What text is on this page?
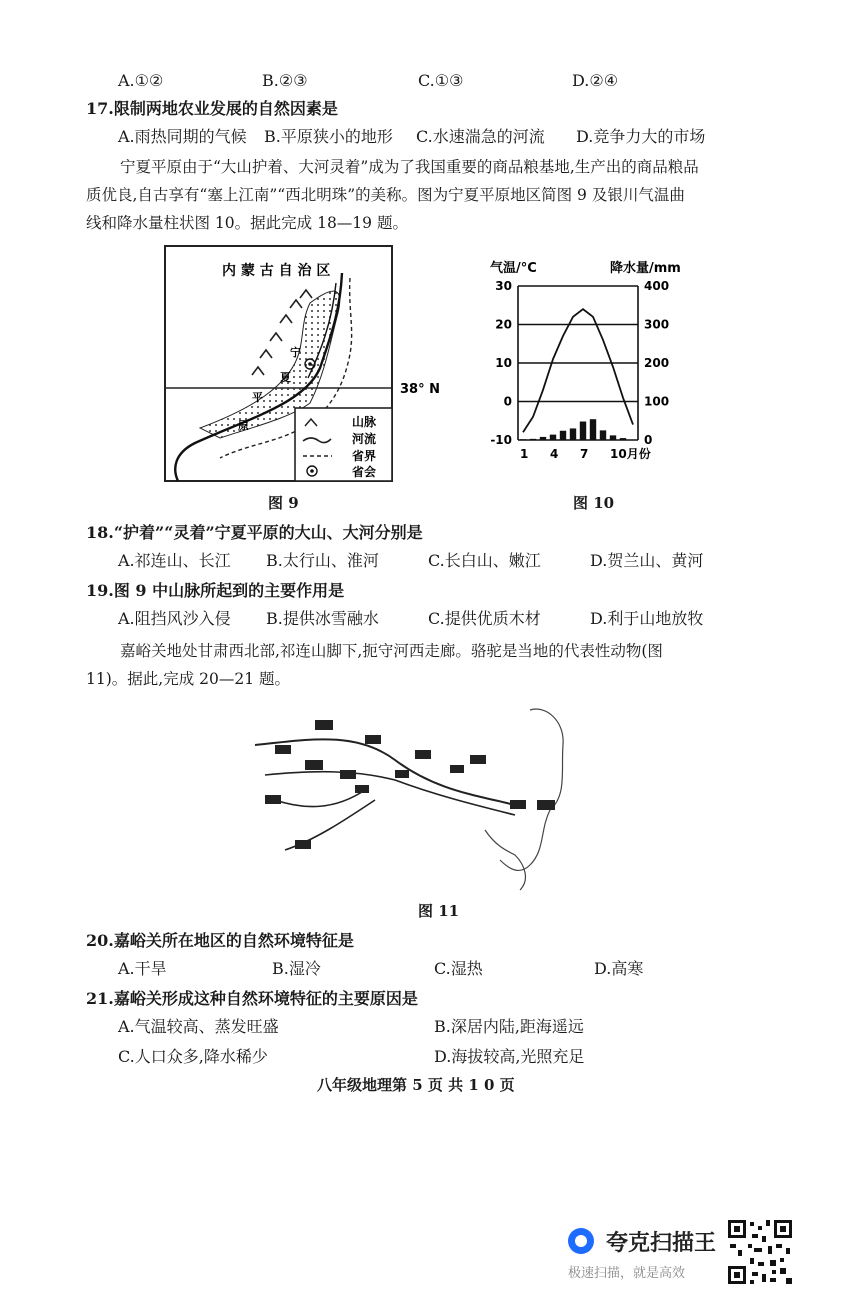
A.①②	B.②③	C.①③	D.②④
17.限制两地农业发展的自然因素是
A.雨热同期的气候 B.平原狭小的地形 C.水速湍急的河流 D.竞争力大的市场
宁夏平原由于“大山护着、大河灵着”成为了我国重要的商品粮基地,生产出的商品粮品
质优良,自古享有“塞上江南”“西北明珠”的美称。图为宁夏平原地区简图 9 及银川气温曲
线和降水量柱状图 10。据此完成 18—19 题。
内 蒙 古 自 治 区
38° N
宁
夏
平
原	山脉
河流
省界
省会
图 9
气温/°C	降水量/mm
30
20
10
0
-10
400
300
200
100
0
1 4 7 10月份
图 10
18.“护着”“灵着”宁夏平原的大山、大河分别是
A.祁连山、长江 B.太行山、淮河	C.长白山、嫩江	D.贺兰山、黄河
19.图 9 中山脉所起到的主要作用是
A.阻挡风沙入侵 B.提供冰雪融水	C.提供优质木材	D.利于山地放牧
嘉峪关地处甘肃西北部,祁连山脚下,扼守河西走廊。骆驼是当地的代表性动物(图
11)。据此,完成 20—21 题。
图 11
20.嘉峪关所在地区的自然环境特征是
A.干旱	B.湿冷	C.湿热	D.高寒
21.嘉峪关形成这种自然环境特征的主要原因是
A.气温较高、蒸发旺盛	B.深居内陆,距海遥远
C.人口众多,降水稀少	D.海拔较高,光照充足
八年级地理第 5 页 共 1 0 页
夸克扫描王
极速扫描，就是高效
